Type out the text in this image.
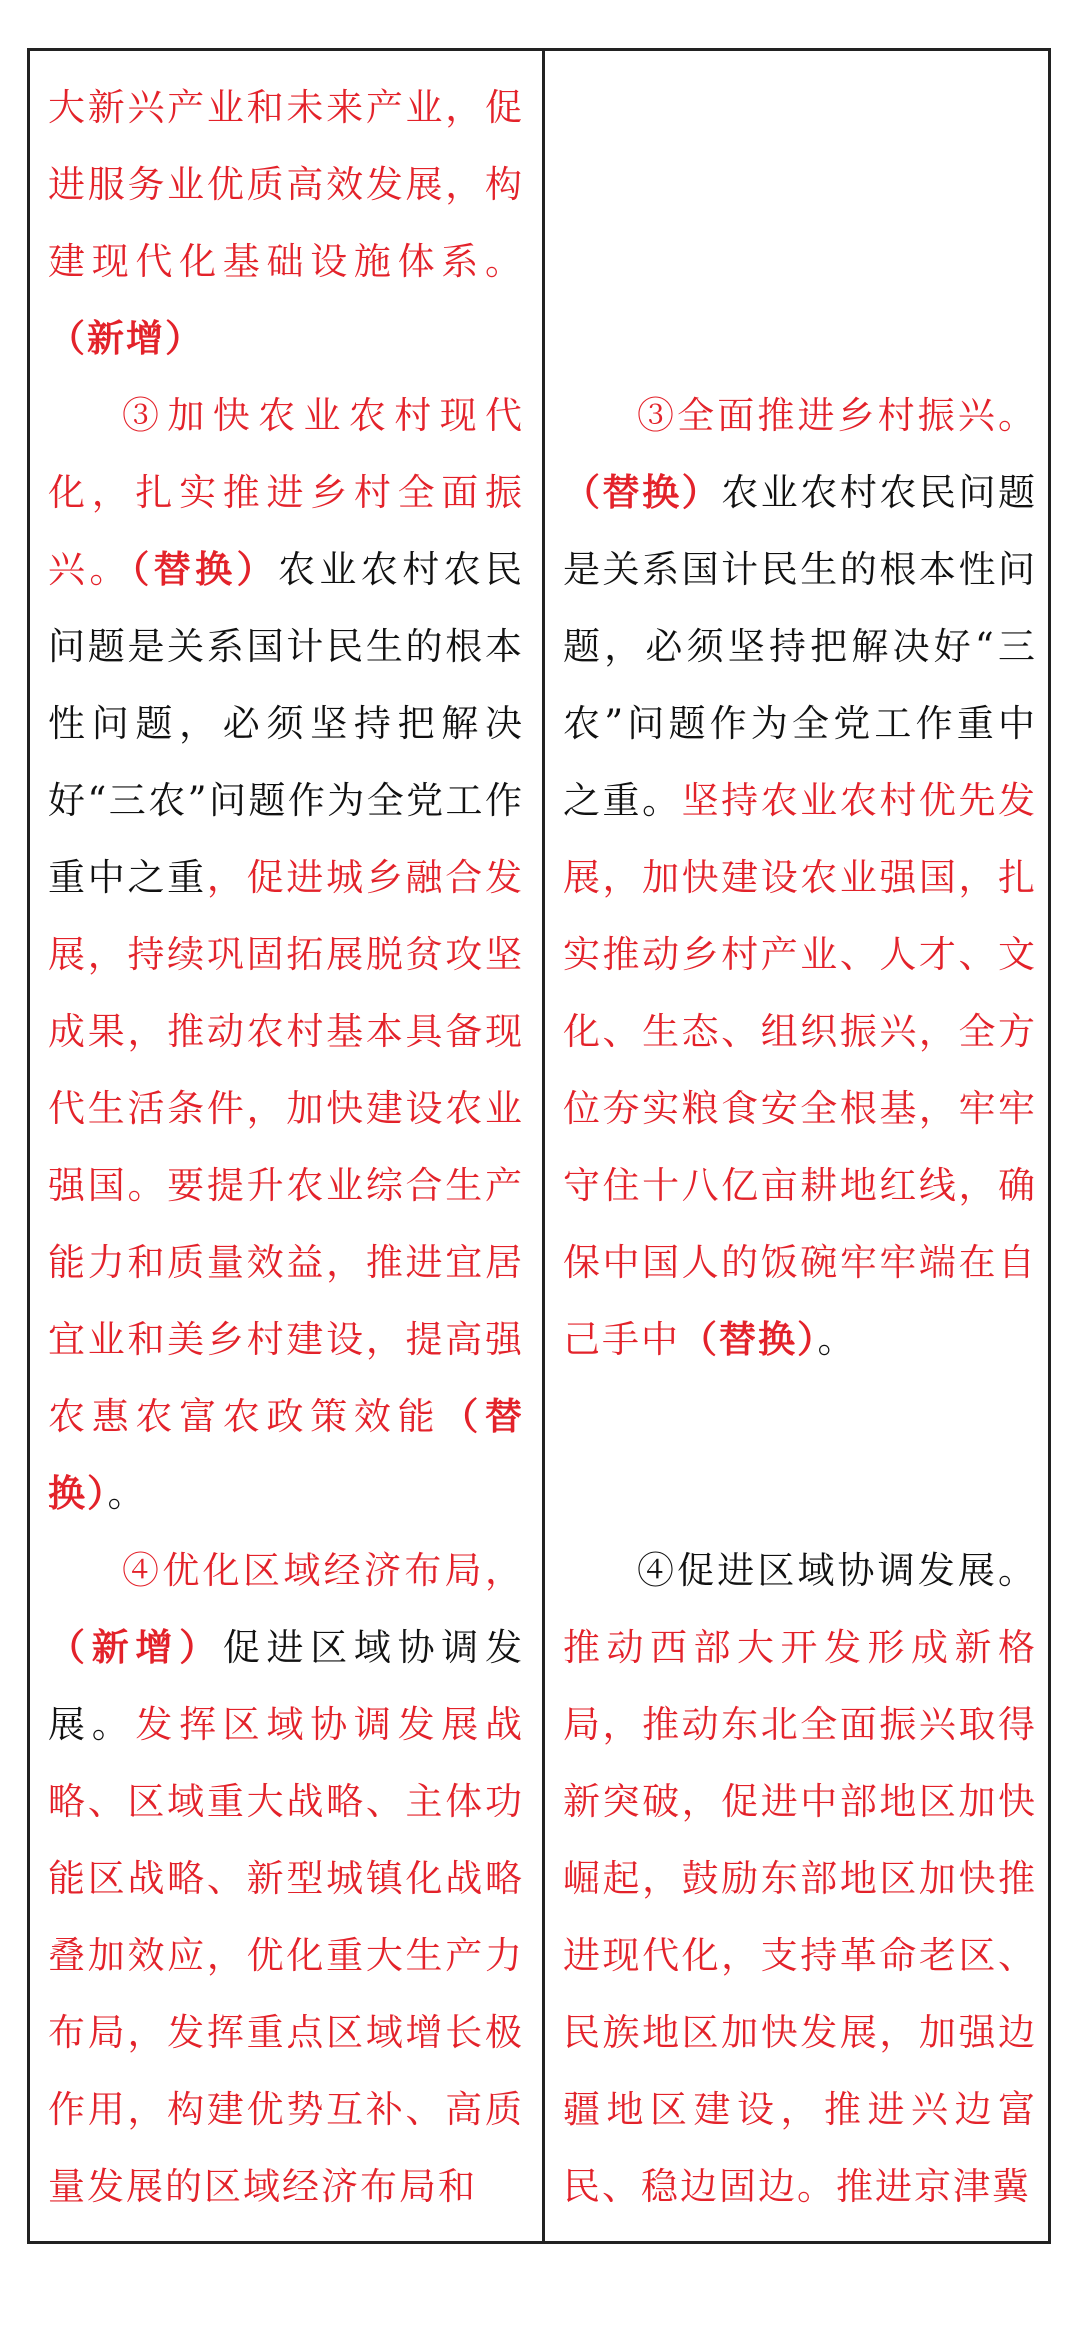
大新兴产业和未来产业，促进服务业优质高效发展，构建现代化基础设施体系。（新增）

③加快农业农村现代化，扎实推进乡村全面振兴。（替换）农业农村农民问题是关系国计民生的根本性问题，必须坚持把解决好“三农”问题作为全党工作重中之重，促进城乡融合发展，持续巩固拓展脱贫攻坚成果，推动农村基本具备现代生活条件，加快建设农业强国。要提升农业综合生产能力和质量效益，推进宜居宜业和美乡村建设，提高强农惠农富农政策效能（替换）。

④优化区域经济布局，（新增）促进区域协调发展。发挥区域协调发展战略、区域重大战略、主体功能区战略、新型城镇化战略叠加效应，优化重大生产力布局，发挥重点区域增长极作用，构建优势互补、高质量发展的区域经济布局和

③全面推进乡村振兴。（替换）农业农村农民问题是关系国计民生的根本性问题，必须坚持把解决好“三农”问题作为全党工作重中之重。坚持农业农村优先发展，加快建设农业强国，扎实推动乡村产业、人才、文化、生态、组织振兴，全方位夯实粮食安全根基，牢牢守住十八亿亩耕地红线，确保中国人的饭碗牢牢端在自己手中（替换）。

④促进区域协调发展。推动西部大开发形成新格局，推动东北全面振兴取得新突破，促进中部地区加快崛起，鼓励东部地区加快推进现代化，支持革命老区、民族地区加快发展，加强边疆地区建设，推进兴边富民、稳边固边。推进京津冀
